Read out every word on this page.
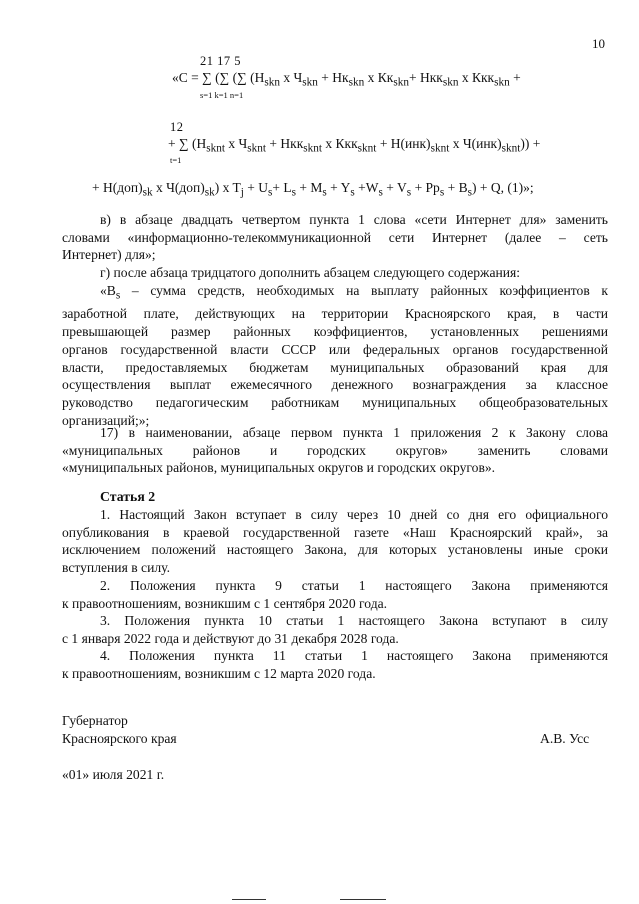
10
21 17 5
«C = ∑ (∑ (∑ ($H_{skn}$ x $Ч_{skn} + Нк_{skn}$ x $Кк_{skn}+ Нкк_{skn}$ x Ккк$_{skn}$ +
s=1 k=1 n=1
12
+ ∑ ($Н_{sknt}$ x $Ч_{sknt} + Нкк_{sknt}$ x $Ккк_{sknt} + Н(инк)_{sknt}$ x $Ч(инк)_{sknt}$)) +
t=1
+ $Н(доп)_{sk}$ x $Ч(доп)_{sk}$) x $T_j + U_s+ L_s + M_s + Y_s +W_s + V_s + Pp_s + B_s) + Q$, (1)»;
в) в абзаце двадцать четвертом пункта 1 слова «сети Интернет для» заменить
словами «информационно-телекоммуникационной сети Интернет (далее – сеть
Интернет) для»;
г) после абзаца тридцатого дополнить абзацем следующего содержания:
«$B_s$ – сумма средств, необходимых на выплату районных коэффициентов к
заработной плате, действующих на территории Красноярского края, в части
превышающей размер районных коэффициентов, установленных решениями
органов государственной власти СССР или федеральных органов государственной
власти, предоставляемых бюджетам муниципальных образований края для
осуществления выплат ежемесячного денежного вознаграждения за классное
руководство педагогическим работникам муниципальных общеобразовательных
организаций;»;
17) в наименовании, абзаце первом пункта 1 приложения 2 к Закону слова
«муниципальных районов и городских округов» заменить словами
«муниципальных районов, муниципальных округов и городских округов».
Статья 2
1. Настоящий Закон вступает в силу через 10 дней со дня его официального
опубликования в краевой государственной газете «Наш Красноярский край», за
исключением положений настоящего Закона, для которых установлены иные сроки
вступления в силу.
2. Положения пункта 9 статьи 1 настоящего Закона применяются
к правоотношениям, возникшим с 1 сентября 2020 года.
3. Положения пункта 10 статьи 1 настоящего Закона вступают в силу
с 1 января 2022 года и действуют до 31 декабря 2028 года.
4. Положения пункта 11 статьи 1 настоящего Закона применяются
к правоотношениям, возникшим с 12 марта 2020 года.
Губернатор
Красноярского края	А.В. Усс
«01» июля 2021 г.
